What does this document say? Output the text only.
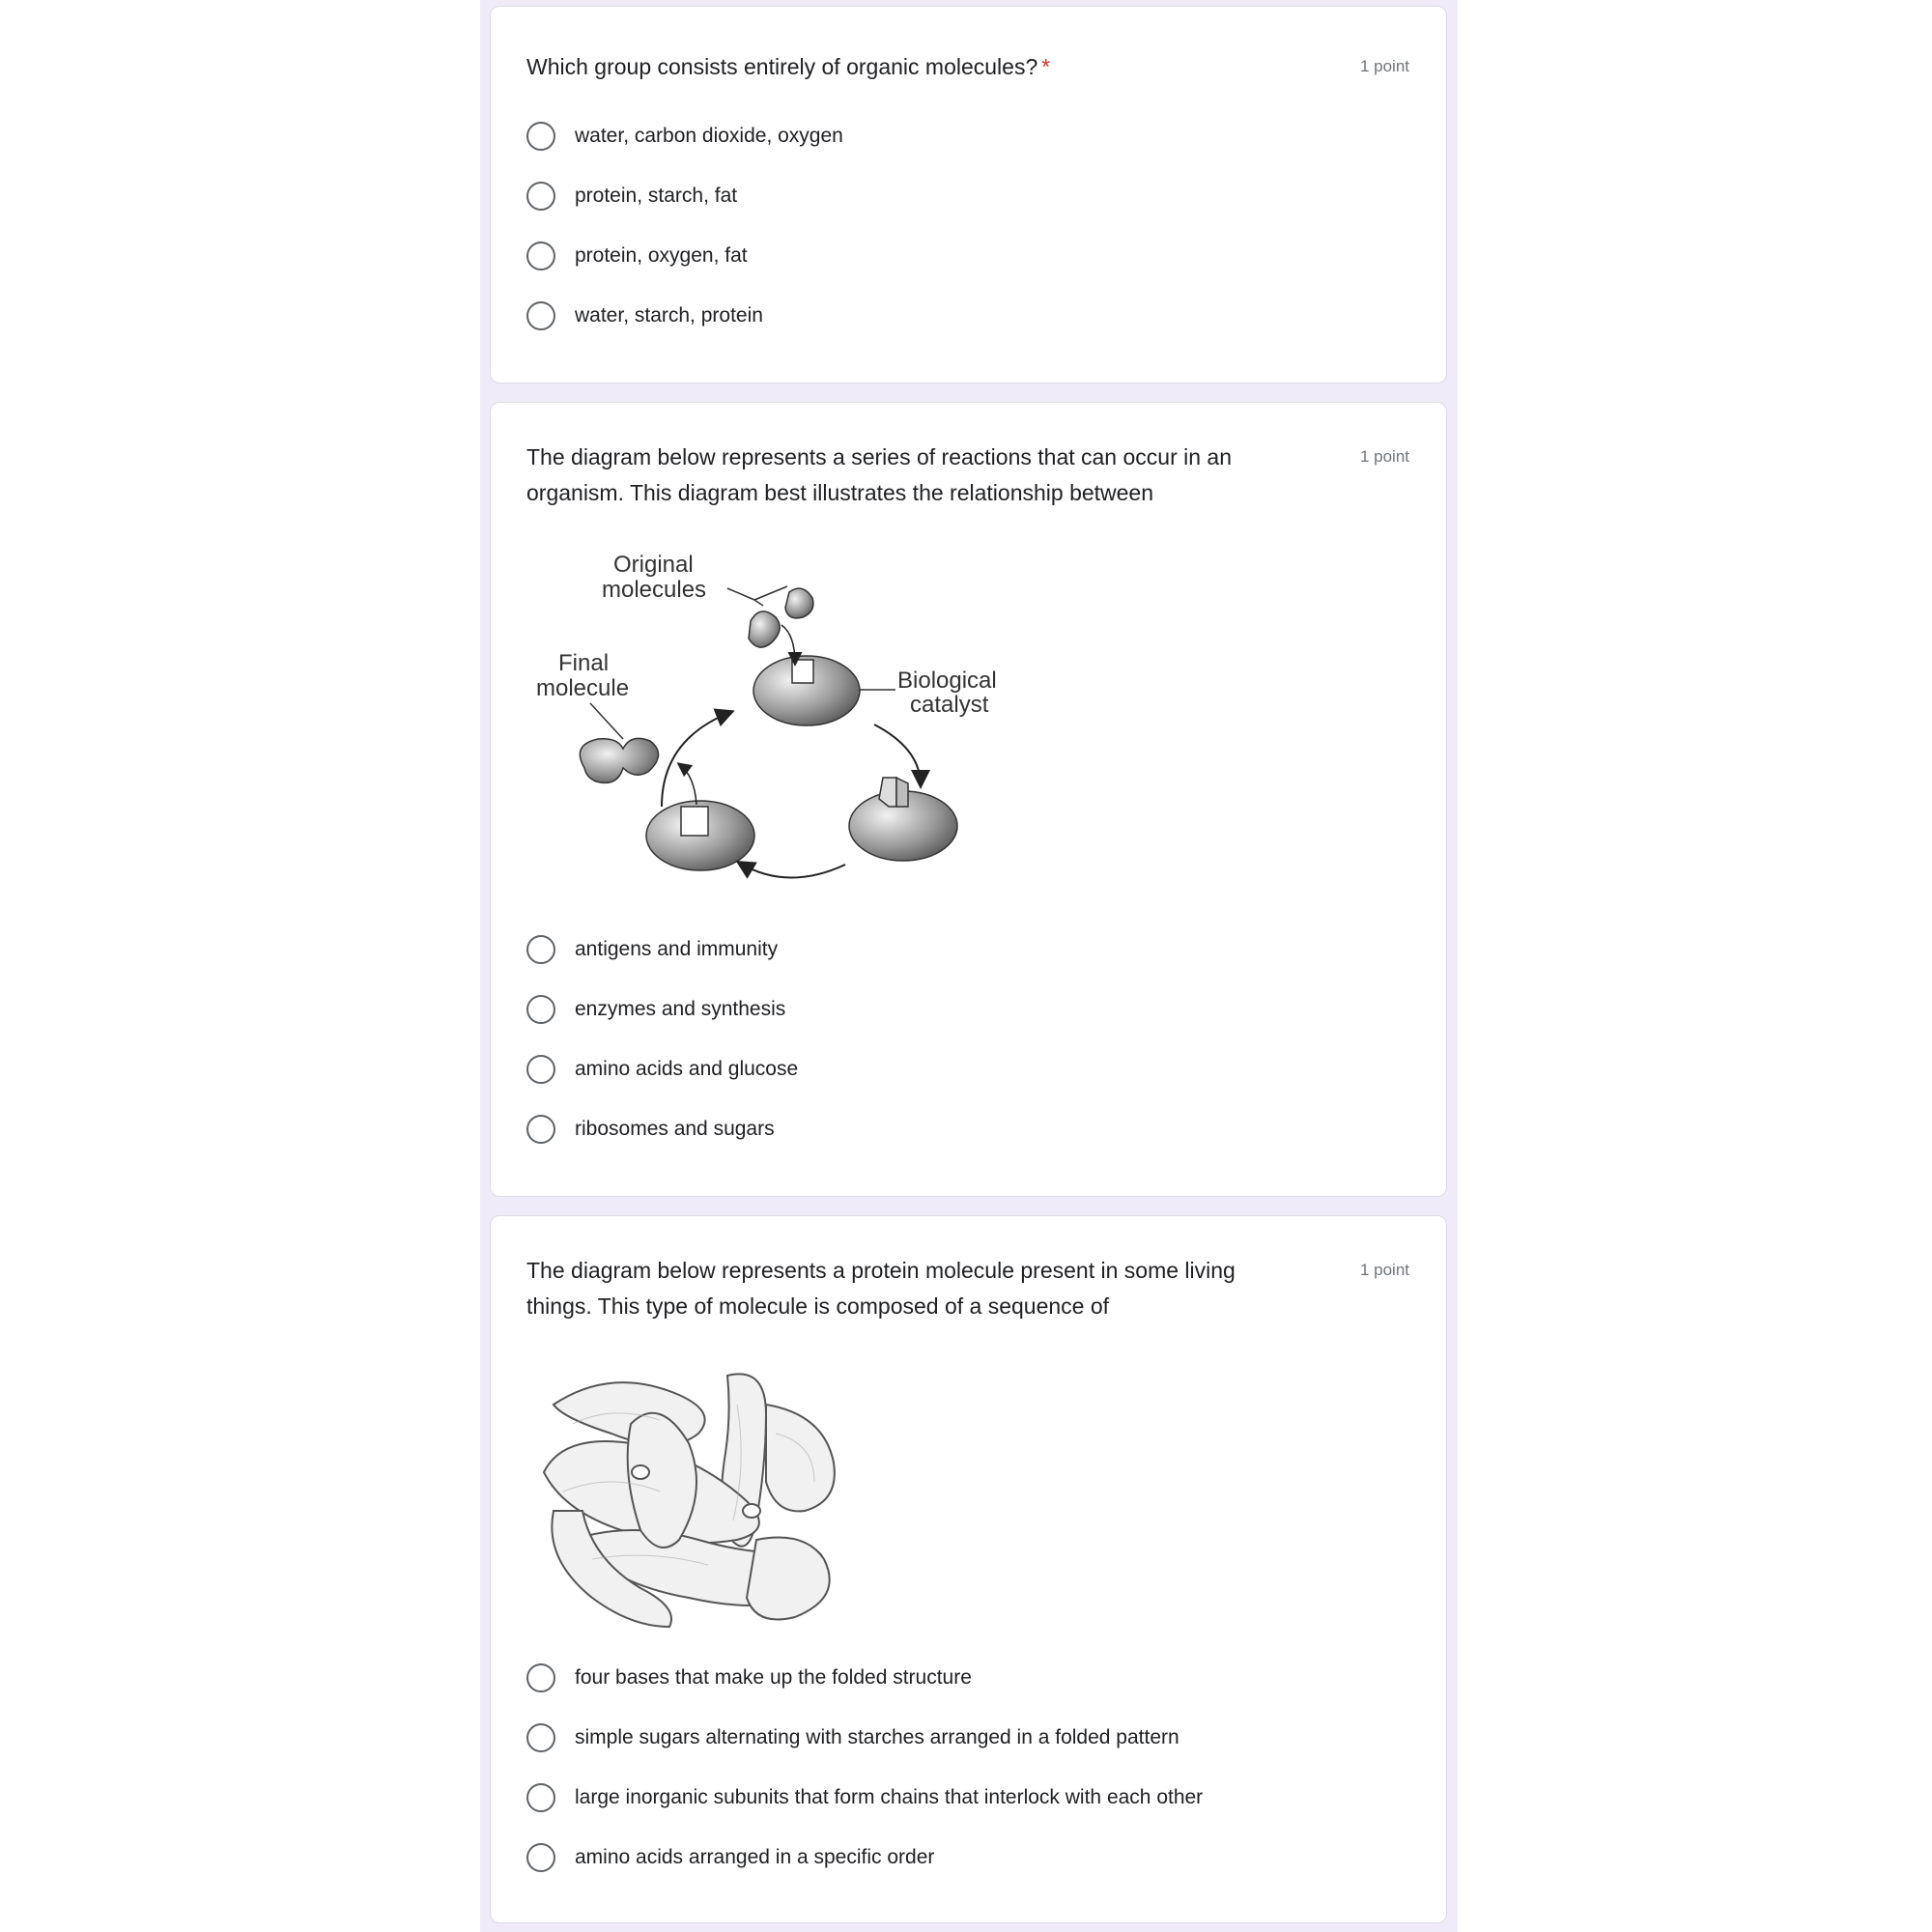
Which group consists entirely of organic molecules? *	1 point
water, carbon dioxide, oxygen
protein, starch, fat
protein, oxygen, fat
water, starch, protein
The diagram below represents a series of reactions that can occur in an
organism. This diagram best illustrates the relationship between
1 point
Original
molecules
Final
molecule	Biological
catalyst
antigens and immunity
enzymes and synthesis
amino acids and glucose
ribosomes and sugars
The diagram below represents a protein molecule present in some living
things. This type of molecule is composed of a sequence of
1 point
four bases that make up the folded structure
simple sugars alternating with starches arranged in a folded pattern
large inorganic subunits that form chains that interlock with each other
amino acids arranged in a specific order
